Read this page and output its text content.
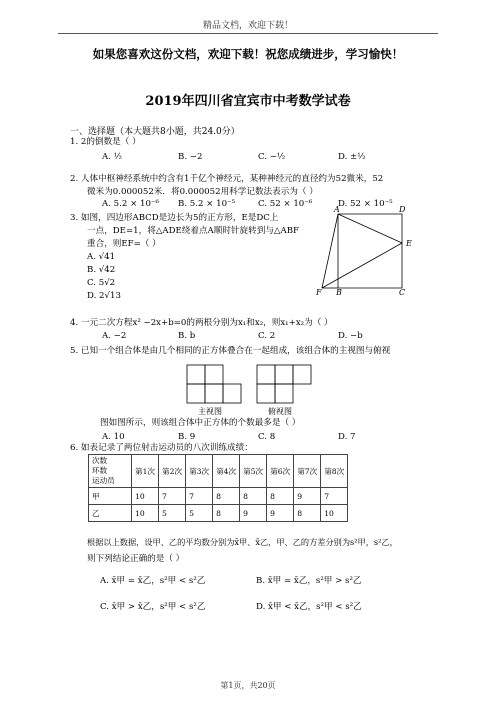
精品文档，欢迎下载！
如果您喜欢这份文档，欢迎下载！祝您成绩进步，学习愉快！
2019年四川省宜宾市中考数学试卷
一、选择题（本大题共8小题，共24.0分）
1. 2的倒数是（ ）
A. ½	B. −2	C. −½	D. ±½
2. 人体中枢神经系统中约含有1千亿个神经元，某种神经元的直径约为52微米，52
微米为0.000052米．将0.000052用科学记数法表示为（ ）
A. 5.2 × 10⁻⁶ B. 5.2 × 10⁻⁵	C. 52 × 10⁻⁶	D. 52 × 10⁻⁵
3. 如图，四边形ABCD是边长为5的正方形，E是DC上
一点，DE=1，将△ADE绕着点A顺时针旋转到与△ABF
重合，则EF=（ ）
A. √41
B. √42
C. 5√2
D. 2√13
A	D
E
F B	C
4. 一元二次方程x² −2x+b=0的两根分别为x₁和x₂，则x₁+x₂为（ ）
A. −2	B. b	C. 2	D. −b
5. 已知一个组合体是由几个相同的正方体叠合在一起组成，该组合体的主视图与俯视
主视图	俯视图
图如图所示，则该组合体中正方体的个数最多是（ ）
A. 10	B. 9	C. 8	D. 7
6. 如表记录了两位射击运动员的八次训练成绩：
次数
环数
运动员	第1次	第2次	第3次	第4次	第5次	第6次	第7次	第8次
甲	10	7	7	8	8	8	9	7
乙	10	5	5	8	9	9	8	10
根据以上数据，设甲、乙的平均数分别为x̄甲、x̄乙，甲、乙的方差分别为s²甲，s²乙，
则下列结论正确的是（ ）
A. x̄甲 = x̄乙，s²甲 < s²乙	B. x̄甲 = x̄乙，s²甲 > s²乙
C. x̄甲 > x̄乙，s²甲 < s²乙	D. x̄甲 < x̄乙，s²甲 < s²乙
第1页，共20页
